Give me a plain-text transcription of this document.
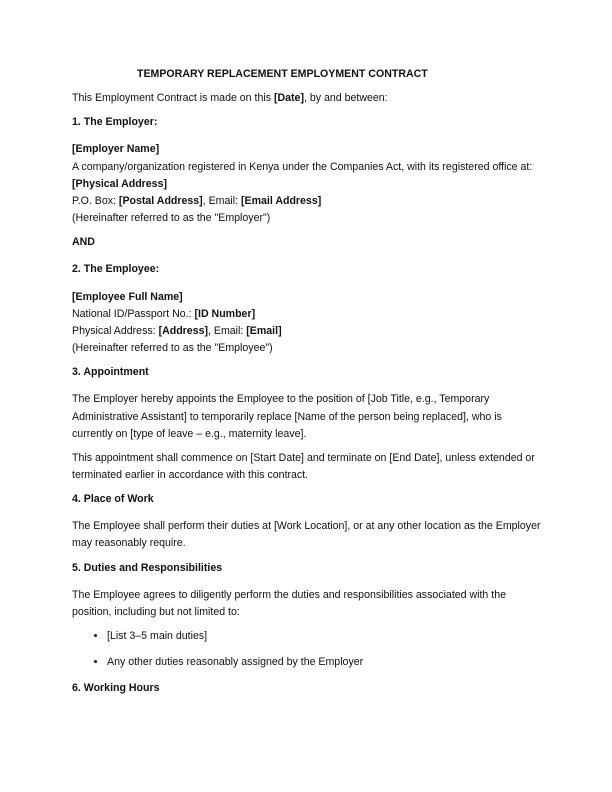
TEMPORARY REPLACEMENT EMPLOYMENT CONTRACT

This Employment Contract is made on this [Date], by and between:

1. The Employer:
[Employer Name]
A company/organization registered in Kenya under the Companies Act, with its registered office at:
[Physical Address]
P.O. Box: [Postal Address], Email: [Email Address]
(Hereinafter referred to as the "Employer")
AND
2. The Employee:
[Employee Full Name]
National ID/Passport No.: [ID Number]
Physical Address: [Address], Email: [Email]
(Hereinafter referred to as the "Employee")
3. Appointment

The Employer hereby appoints the Employee to the position of [Job Title, e.g., Temporary Administrative Assistant] to temporarily replace [Name of the person being replaced], who is currently on [type of leave – e.g., maternity leave].

This appointment shall commence on [Start Date] and terminate on [End Date], unless extended or terminated earlier in accordance with this contract.

4. Place of Work

The Employee shall perform their duties at [Work Location], or at any other location as the Employer may reasonably require.

5. Duties and Responsibilities

The Employee agrees to diligently perform the duties and responsibilities associated with the position, including but not limited to:

• [List 3–5 main duties]
• Any other duties reasonably assigned by the Employer
6. Working Hours
